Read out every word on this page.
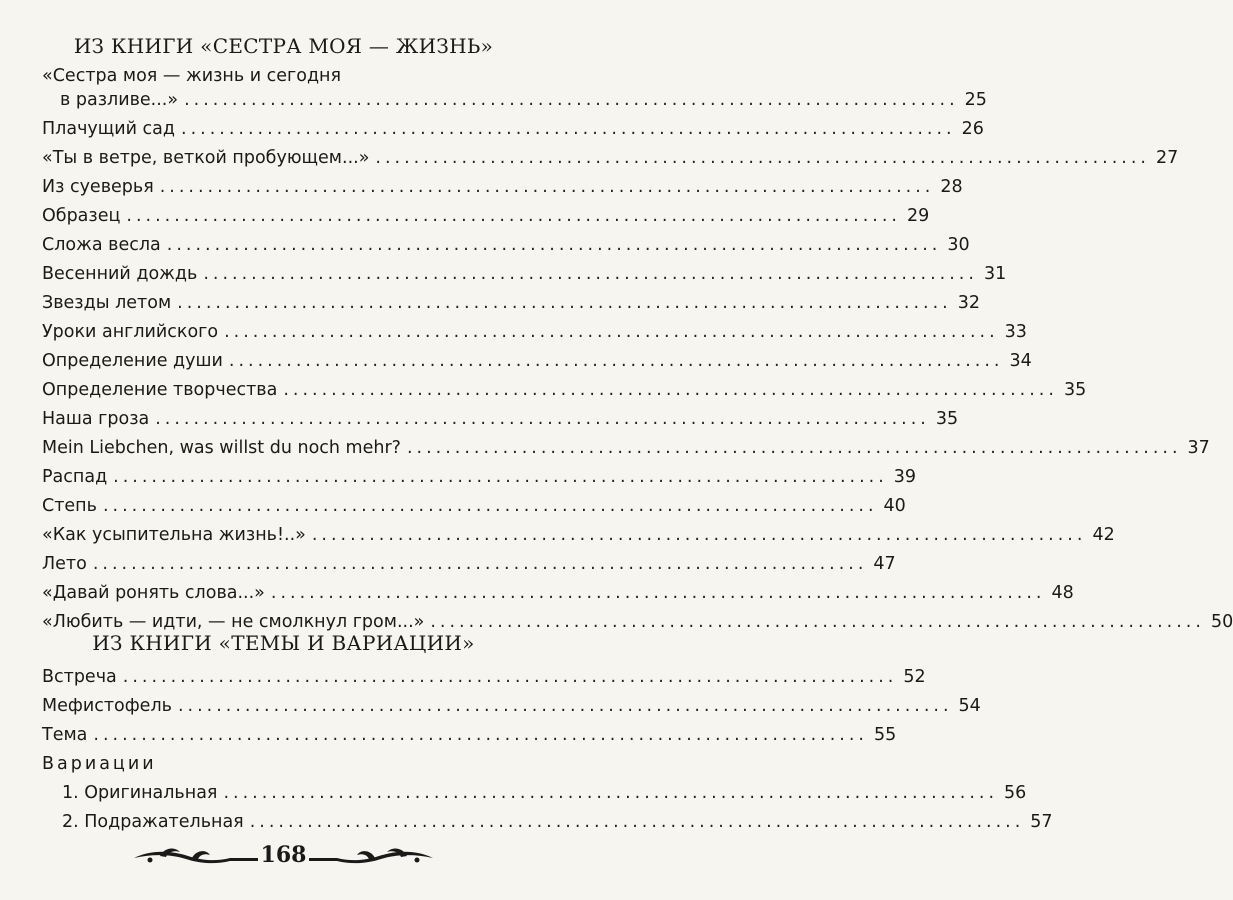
ИЗ КНИГИ «СЕСТРА МОЯ — ЖИЗНЬ»
«Сестра моя — жизнь и сегодня
в разливе...» ................................................................................. 25
Плачущий сад ................................................................................. 26
«Ты в ветре, веткой пробующем...» ................................................................................. 27
Из суеверья ................................................................................. 28
Образец ................................................................................. 29
Сложа весла ................................................................................. 30
Весенний дождь ................................................................................. 31
Звезды летом ................................................................................. 32
Уроки английского ................................................................................. 33
Определение души ................................................................................. 34
Определение творчества ................................................................................. 35
Наша гроза ................................................................................. 35
Mein Liebchen, was willst du noch mehr? ................................................................................. 37
Распад ................................................................................. 39
Степь ................................................................................. 40
«Как усыпительна жизнь!..» ................................................................................. 42
Лето ................................................................................. 47
«Давай ронять слова...» ................................................................................. 48
«Любить — идти, — не смолкнул гром...» ................................................................................. 50
ИЗ КНИГИ «ТЕМЫ И ВАРИАЦИИ»
Встреча ................................................................................. 52
Мефистофель ................................................................................. 54
Тема ................................................................................. 55
Вариации
1. Оригинальная ................................................................................. 56
2. Подражательная ................................................................................. 57
168
